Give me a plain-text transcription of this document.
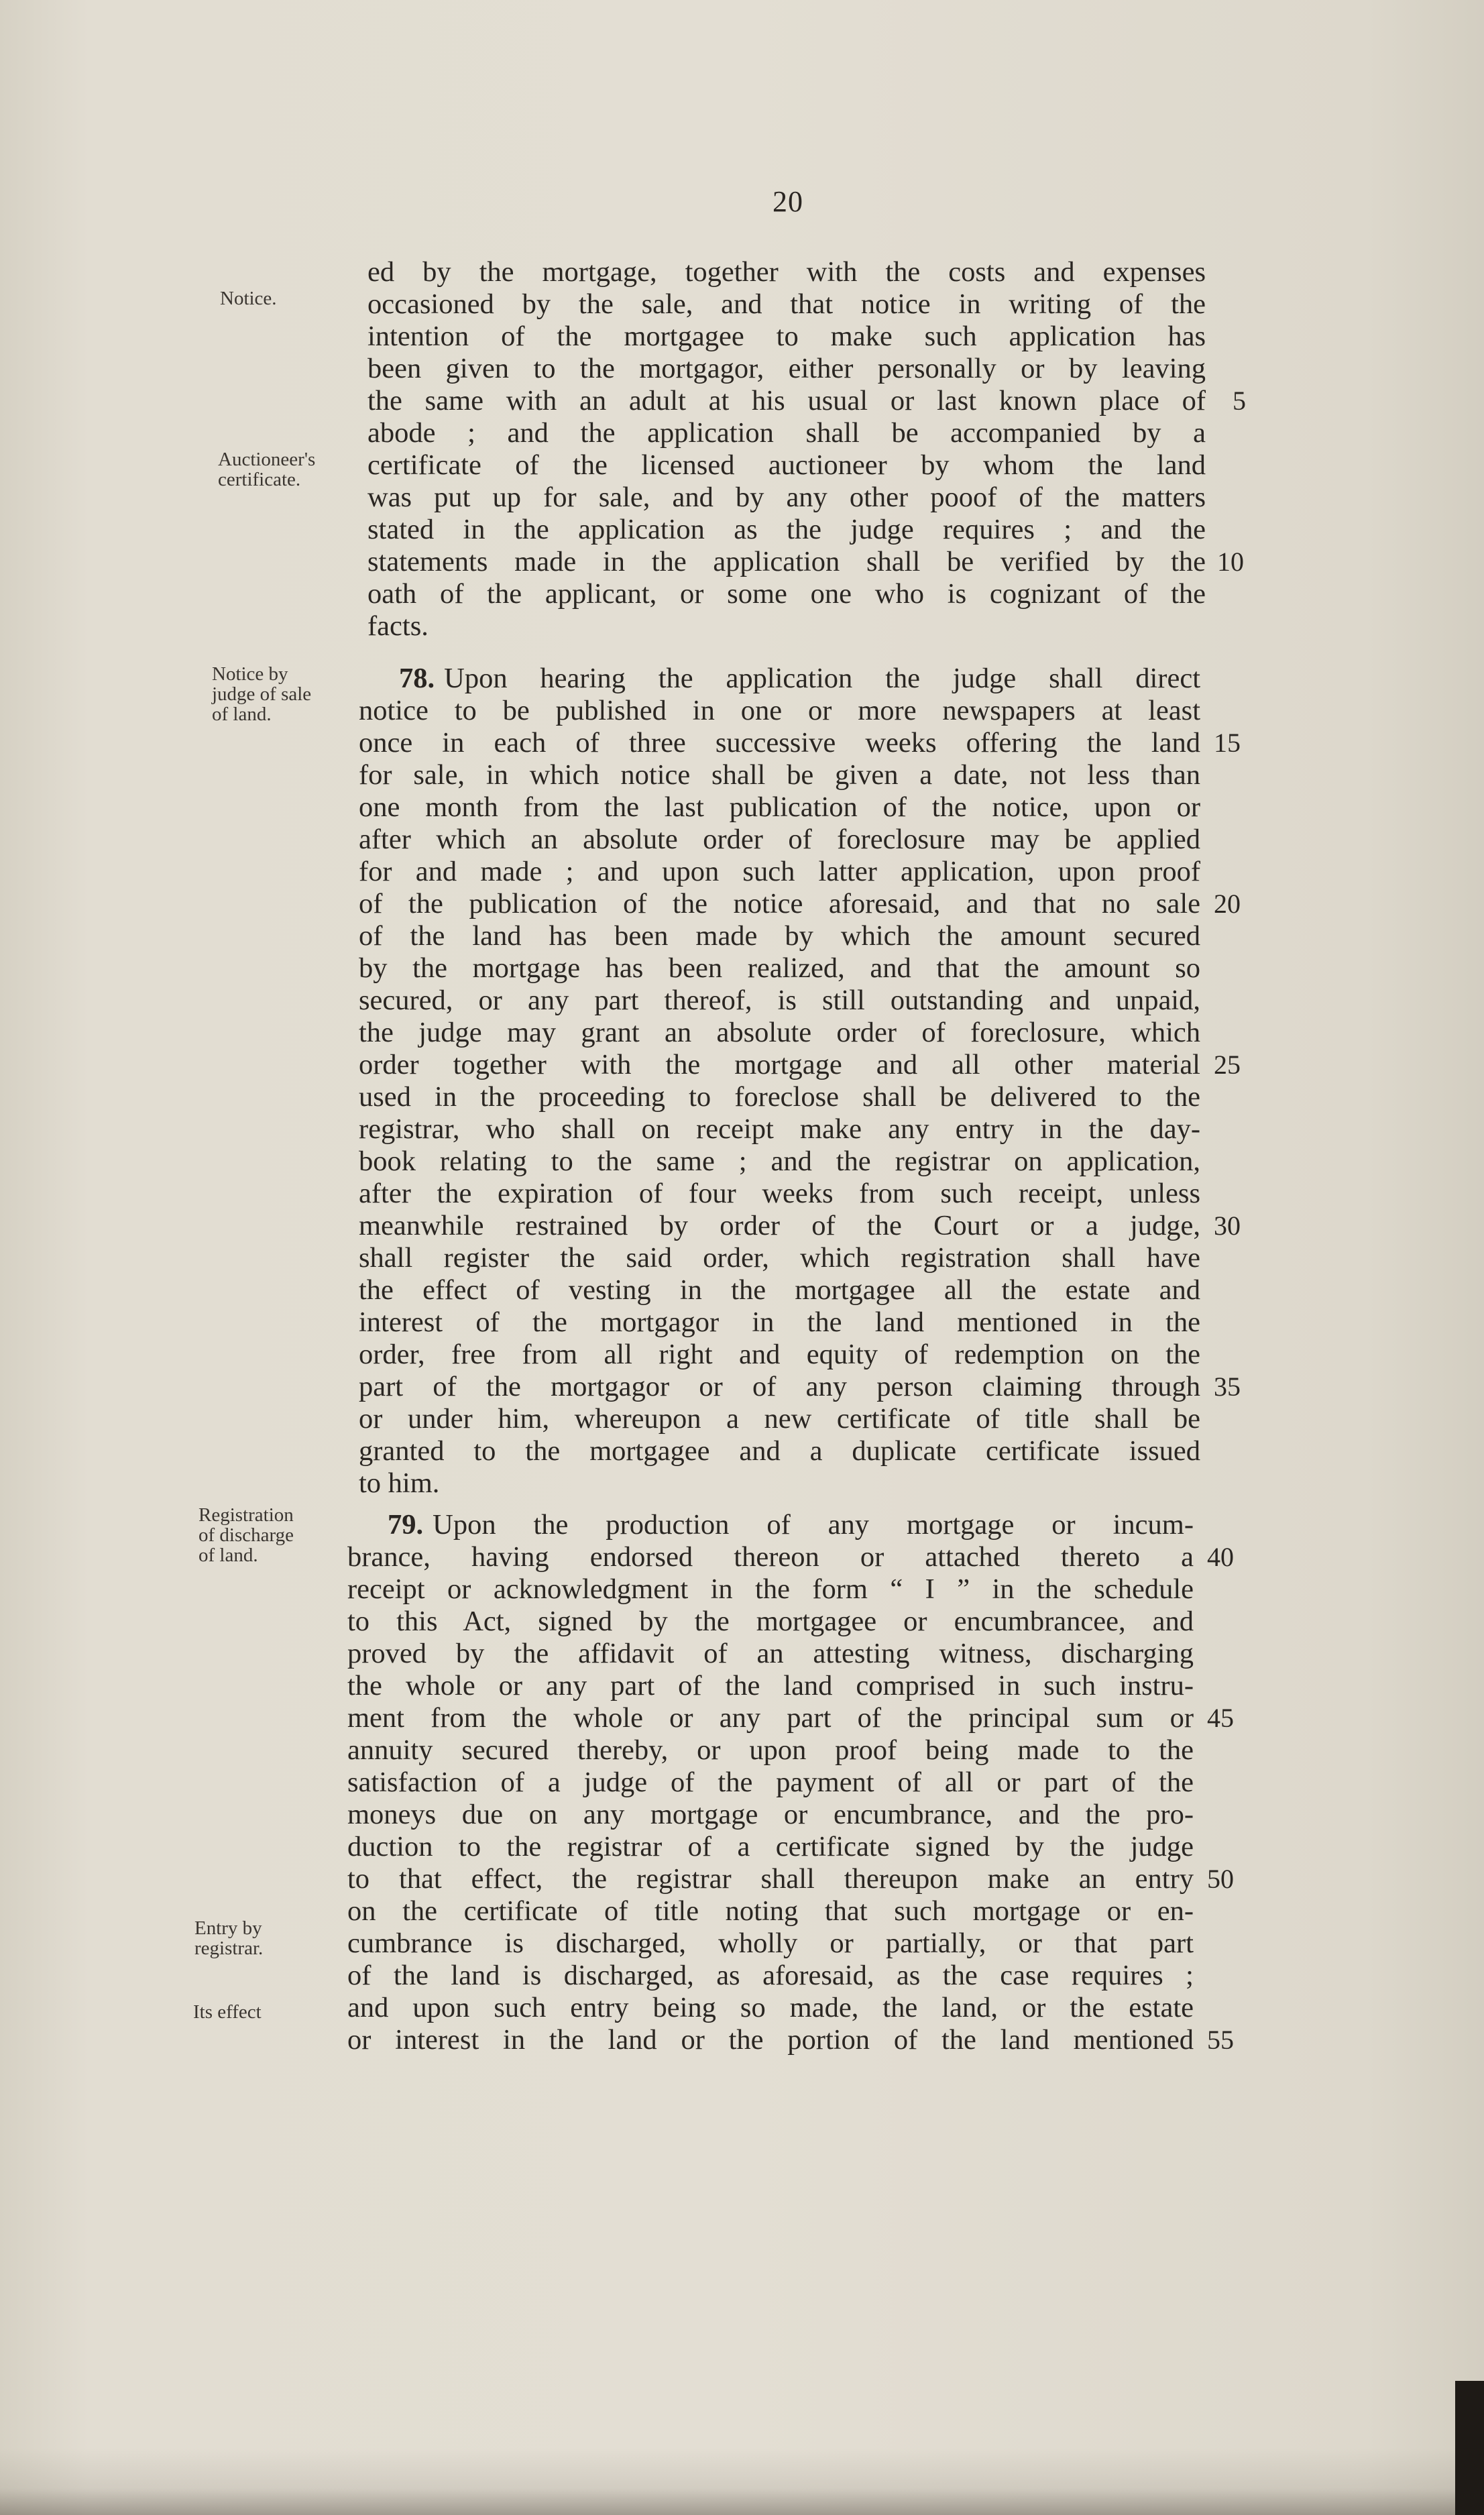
20
Notice.
Auctioneer's
certificate.
Notice by
judge of sale
of land.
Registration
of discharge
of land.
Entry by
registrar.
Its effect
ed by the mortgage, together with the costs and expenses
occasioned by the sale, and that notice in writing of the
intention of the mortgagee to make such application has
been given to the mortgagor, either personally or by leaving
the same with an adult at his usual or last known place of 5
abode ; and the application shall be accompanied by a
certificate of the licensed auctioneer by whom the land
was put up for sale, and by any other pooof of the matters
stated in the application as the judge requires ; and the
statements made in the application shall be verified by the 10
oath of the applicant, or some one who is cognizant of the
facts.
78. Upon hearing the application the judge shall direct
notice to be published in one or more newspapers at least
once in each of three successive weeks offering the land 15
for sale, in which notice shall be given a date, not less than
one month from the last publication of the notice, upon or
after which an absolute order of foreclosure may be applied
for and made ; and upon such latter application, upon proof
of the publication of the notice aforesaid, and that no sale 20
of the land has been made by which the amount secured
by the mortgage has been realized, and that the amount so
secured, or any part thereof, is still outstanding and unpaid,
the judge may grant an absolute order of foreclosure, which
order together with the mortgage and all other material 25
used in the proceeding to foreclose shall be delivered to the
registrar, who shall on receipt make any entry in the day-
book relating to the same ; and the registrar on application,
after the expiration of four weeks from such receipt, unless
meanwhile restrained by order of the Court or a judge, 30
shall register the said order, which registration shall have
the effect of vesting in the mortgagee all the estate and
interest of the mortgagor in the land mentioned in the
order, free from all right and equity of redemption on the
part of the mortgagor or of any person claiming through 35
or under him, whereupon a new certificate of title shall be
granted to the mortgagee and a duplicate certificate issued
to him.
79. Upon the production of any mortgage or incum-
brance, having endorsed thereon or attached thereto a 40
receipt or acknowledgment in the form “ I ” in the schedule
to this Act, signed by the mortgagee or encumbrancee, and
proved by the affidavit of an attesting witness, discharging
the whole or any part of the land comprised in such instru-
ment from the whole or any part of the principal sum or 45
annuity secured thereby, or upon proof being made to the
satisfaction of a judge of the payment of all or part of the
moneys due on any mortgage or encumbrance, and the pro-
duction to the registrar of a certificate signed by the judge
to that effect, the registrar shall thereupon make an entry 50
on the certificate of title noting that such mortgage or en-
cumbrance is discharged, wholly or partially, or that part
of the land is discharged, as aforesaid, as the case requires ;
and upon such entry being so made, the land, or the estate
or interest in the land or the portion of the land mentioned 55
